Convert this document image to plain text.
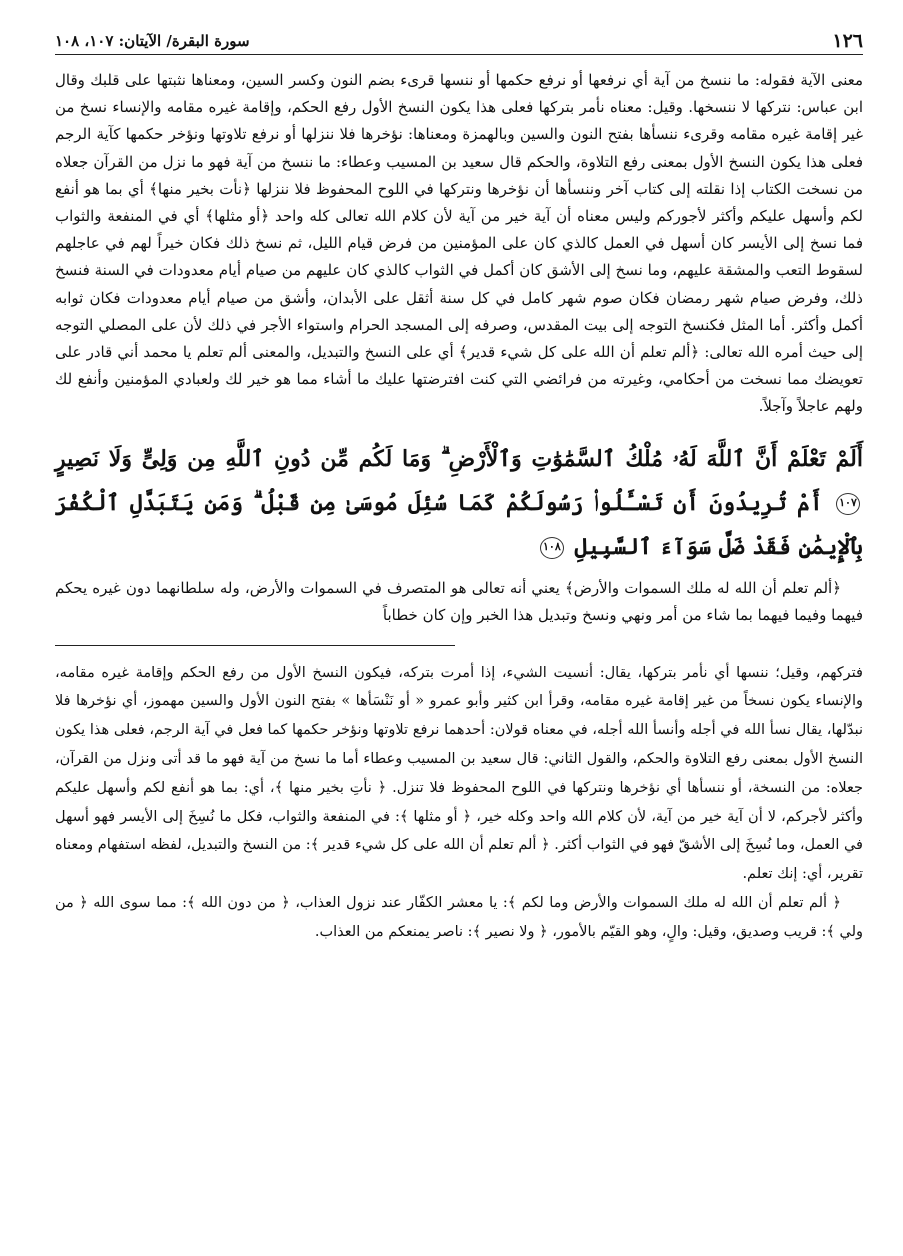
١٢٦
سورة البقرة/ الآيتان: ١٠٧، ١٠٨

معنى الآية فقوله: ما ننسخ من آية أي نرفعها أو نرفع حكمها أو ننسها قرىء بضم النون وكسر السين، ومعناها نثبتها على قلبك وقال ابن عباس: نتركها لا ننسخها. وقيل: معناه نأمر بتركها فعلى هذا يكون النسخ الأول رفع الحكم، وإقامة غيره مقامه والإنساء نسخ من غير إقامة غيره مقامه وقرىء ننسأها بفتح النون والسين وبالهمزة ومعناها: نؤخرها فلا ننزلها أو نرفع تلاوتها ونؤخر حكمها كآية الرجم فعلى هذا يكون النسخ الأول بمعنى رفع التلاوة، والحكم قال سعيد بن المسيب وعطاء: ما ننسخ من آية فهو ما نزل من القرآن جعلاه من نسخت الكتاب إذا نقلته إلى كتاب آخر وننسأها أن نؤخرها ونتركها في اللوح المحفوظ فلا ننزلها ﴿نأت بخير منها﴾ أي بما هو أنفع لكم وأسهل عليكم وأكثر لأجوركم وليس معناه أن آية خير من آية لأن كلام الله تعالى كله واحد ﴿أو مثلها﴾ أي في المنفعة والثواب فما نسخ إلى الأيسر كان أسهل في العمل كالذي كان على المؤمنين من فرض قيام الليل، ثم نسخ ذلك فكان خيراً لهم في عاجلهم لسقوط التعب والمشقة عليهم، وما نسخ إلى الأشق كان أكمل في الثواب كالذي كان عليهم من صيام أيام معدودات في السنة فنسخ ذلك، وفرض صيام شهر رمضان فكان صوم شهر كامل في كل سنة أثقل على الأبدان، وأشق من صيام أيام معدودات فكان ثوابه أكمل وأكثر. أما المثل فكنسخ التوجه إلى بيت المقدس، وصرفه إلى المسجد الحرام واستواء الأجر في ذلك لأن على المصلي التوجه إلى حيث أمره الله تعالى: ﴿ألم تعلم أن الله على كل شيء قدير﴾ أي على النسخ والتبديل، والمعنى ألم تعلم يا محمد أني قادر على تعويضك مما نسخت من أحكامي، وغيرته من فرائضي التي كنت افترضتها عليك ما أشاء مما هو خير لك ولعبادي المؤمنين وأنفع لك ولهم عاجلاً وآجلاً.

أَلَمْ تَعْلَمْ أَنَّ ٱللَّهَ لَهُۥ مُلْكُ ٱلسَّمَٰوَٰتِ وَٱلْأَرْضِ ۗ وَمَا لَكُم مِّن دُونِ ٱللَّهِ مِن وَلِىٍّ وَلَا نَصِيرٍ ١٠٧ أَمْ تُرِيدُونَ أَن تَسْـَٔلُوا۟ رَسُولَكُمْ كَمَا سُئِلَ مُوسَىٰ مِن قَبْلُ ۗ وَمَن يَتَبَدَّلِ ٱلْكُفْرَ بِٱلْإِيمَٰنِ فَقَدْ ضَلَّ سَوَآءَ ٱلسَّبِيلِ ١٠٨

﴿ألم تعلم أن الله له ملك السموات والأرض﴾ يعني أنه تعالى هو المتصرف في السموات والأرض، وله سلطانهما دون غيره يحكم فيهما وفيما فيهما بما شاء من أمر ونهي ونسخ وتبديل هذا الخبر وإن كان خطاباً

فتركهم، وقيل؛ ننسها أي نأمر بتركها، يقال: أنسيت الشيء، إذا أمرت بتركه، فيكون النسخ الأول من رفع الحكم وإقامة غيره مقامه، والإنساء يكون نسخاً من غير إقامة غيره مقامه، وقرأ ابن كثير وأبو عمرو « أو نَنْسَأها » بفتح النون الأول والسين مهموز، أي نؤخرها فلا نبدّلها، يقال نسأ الله في أجله وأنسأ الله أجله، في معناه قولان: أحدهما نرفع تلاوتها ونؤخر حكمها كما فعل في آية الرجم، فعلى هذا يكون النسخ الأول بمعنى رفع التلاوة والحكم، والقول الثاني: قال سعيد بن المسيب وعطاء أما ما نسخ من آية فهو ما قد أتى ونزل من القرآن، جعلاه: من النسخة، أو ننسأها أي نؤخرها ونتركها في اللوح المحفوظ فلا تنزل. ﴿ نأتِ بخير منها ﴾، أي: بما هو أنفع لكم وأسهل عليكم وأكثر لأجركم، لا أن آية خير من آية، لأن كلام الله واحد وكله خير، ﴿ أو مثلها ﴾: في المنفعة والثواب، فكل ما نُسِخَ إلى الأيسر فهو أسهل في العمل، وما نُسِخَ إلى الأشقّ فهو في الثواب أكثر. ﴿ ألم تعلم أن الله على كل شيء قدير ﴾: من النسخ والتبديل، لفظه استفهام ومعناه تقرير، أي: إنك تعلم.

﴿ ألم تعلم أن الله له ملك السموات والأرض وما لكم ﴾: يا معشر الكفّار عند نزول العذاب، ﴿ من دون الله ﴾: مما سوى الله ﴿ من ولي ﴾: قريب وصديق، وقيل: والٍ، وهو القيّم بالأمور، ﴿ ولا نصير ﴾: ناصر يمنعكم من العذاب.
